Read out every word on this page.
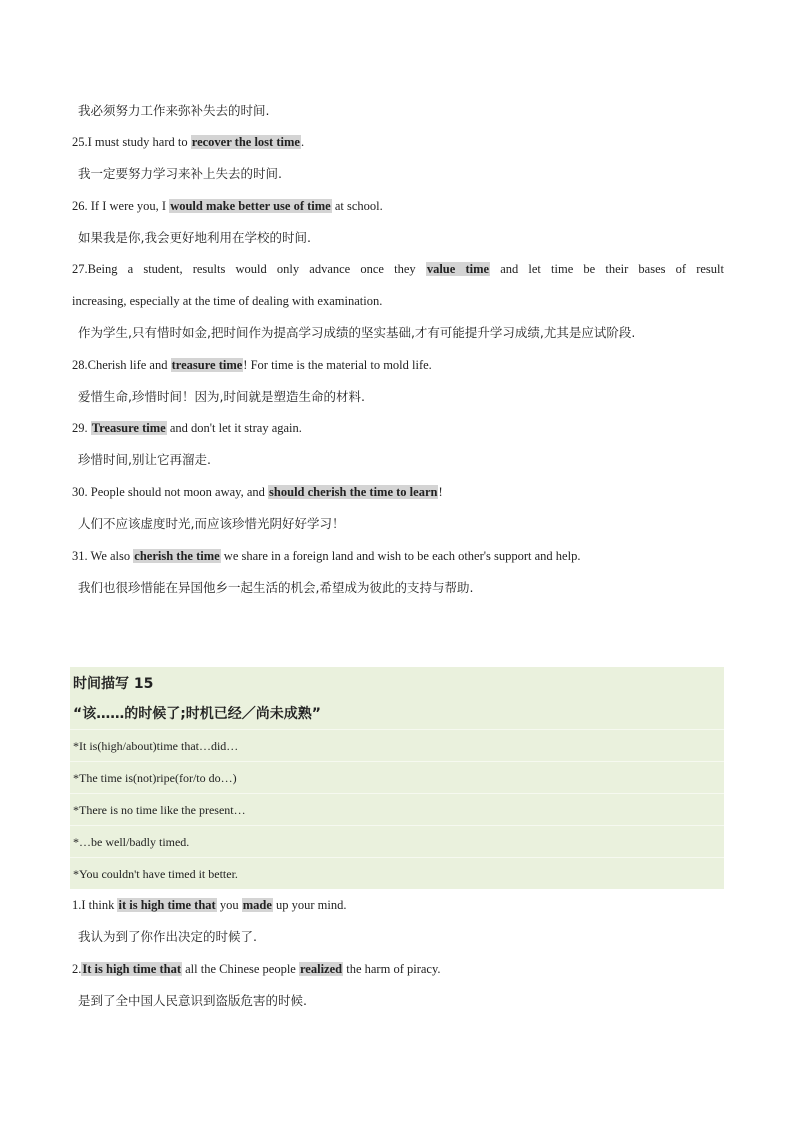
我必须努力工作来弥补失去的时间.
25.I must study hard to recover the lost time.
我一定要努力学习来补上失去的时间.
26. If I were you, I would make better use of time at school.
如果我是你,我会更好地利用在学校的时间.
27.Being a student, results would only advance once they value time and let time be their bases of result
increasing, especially at the time of dealing with examination.
作为学生,只有惜时如金,把时间作为提高学习成绩的坚实基础,才有可能提升学习成绩,尤其是应试阶段.
28.Cherish life and treasure time! For time is the material to mold life.
爱惜生命,珍惜时间！因为,时间就是塑造生命的材料.
29. Treasure time and don't let it stray again.
珍惜时间,别让它再溜走.
30. People should not moon away, and should cherish the time to learn!
人们不应该虚度时光,而应该珍惜光阴好好学习！
31. We also cherish the time we share in a foreign land and wish to be each other's support and help.
我们也很珍惜能在异国他乡一起生活的机会,希望成为彼此的支持与帮助.
时间描写 15
“该……的时候了;时机已经／尚未成熟”
*It is(high/about)time that…did…
*The time is(not)ripe(for/to do…)
*There is no time like the present…
*…be well/badly timed.
*You couldn't have timed it better.
1.I think it is high time that you made up your mind.
我认为到了你作出决定的时候了.
2.It is high time that all the Chinese people realized the harm of piracy.
是到了全中国人民意识到盗版危害的时候.
